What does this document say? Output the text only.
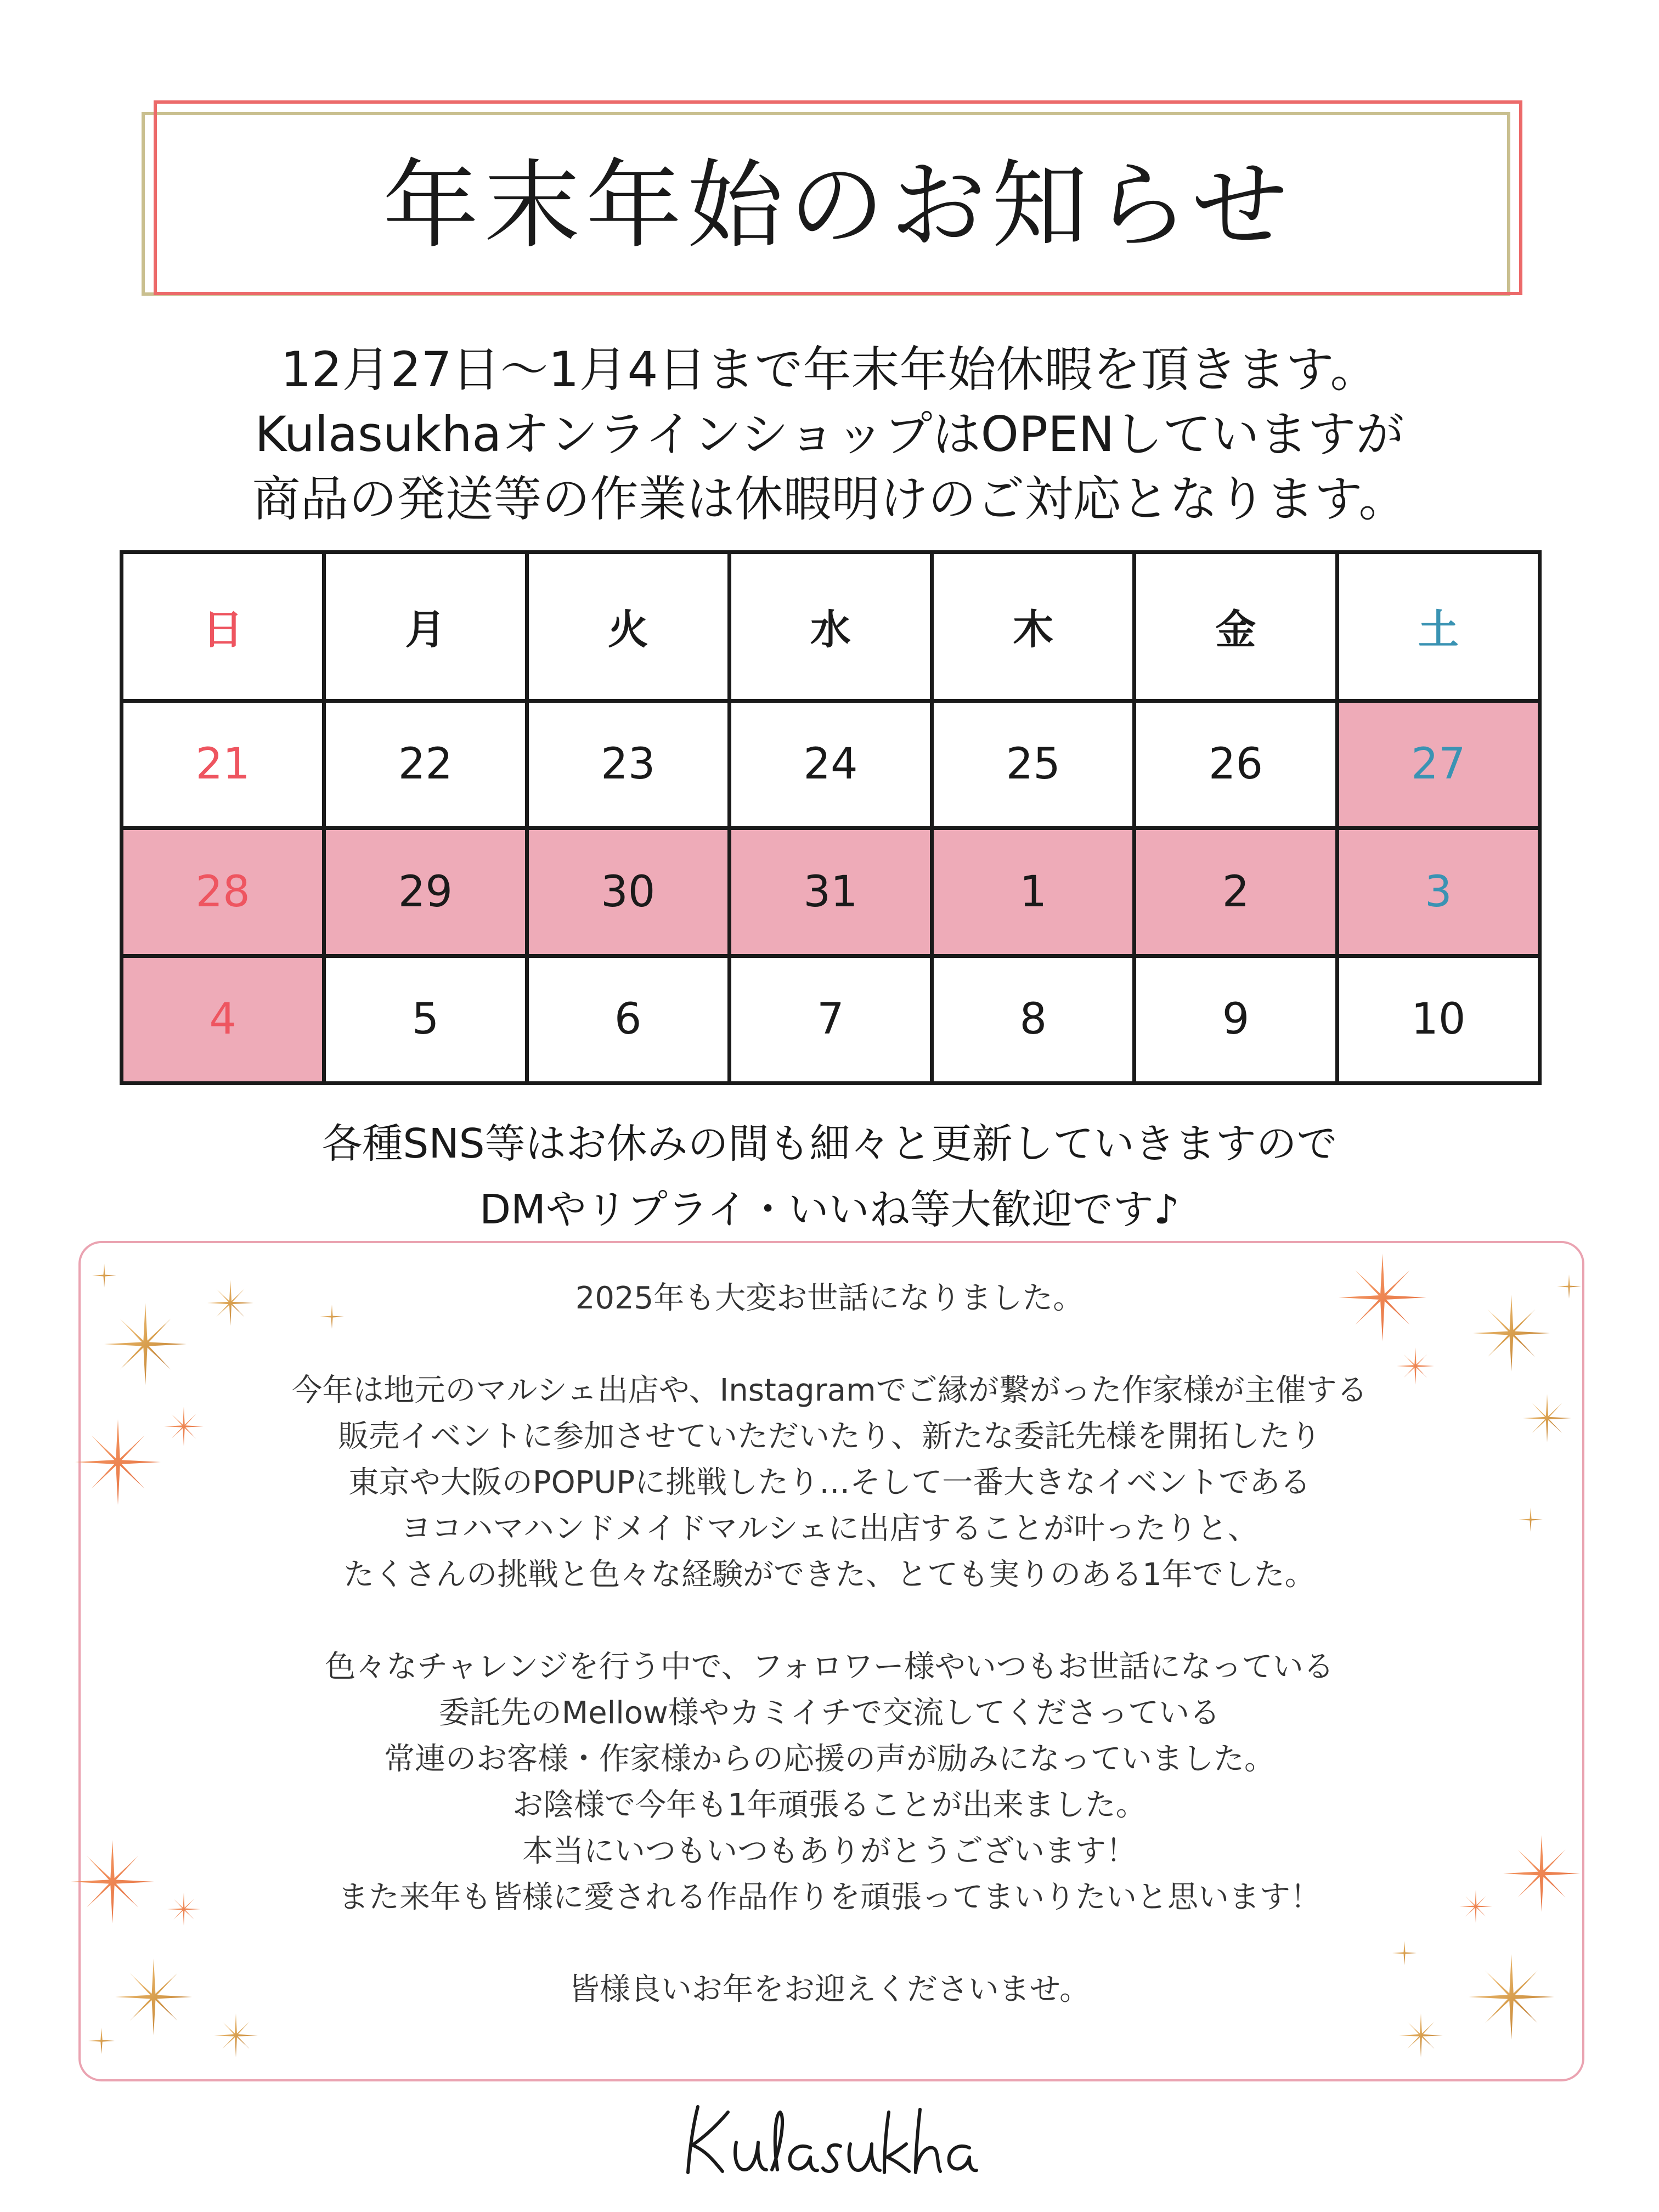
年末年始のお知らせ
12月27日〜1月4日まで年末年始休暇を頂きます。
KulasukhaオンラインショップはOPENしていますが
商品の発送等の作業は休暇明けのご対応となります。
日	月	火	水	木	金	土
21	22	23	24	25	26	27
28	29	30	31	1	2	3
4	5	6	7	8	9	10
各種SNS等はお休みの間も細々と更新していきますので
DMやリプライ・いいね等大歓迎です♪
2025年も大変お世話になりました。
今年は地元のマルシェ出店や、Instagramでご縁が繋がった作家様が主催する
販売イベントに参加させていただいたり、新たな委託先様を開拓したり
東京や大阪のPOPUPに挑戦したり…そして一番大きなイベントである
ヨコハマハンドメイドマルシェに出店することが叶ったりと、
たくさんの挑戦と色々な経験ができた、とても実りのある1年でした。
色々なチャレンジを行う中で、フォロワー様やいつもお世話になっている
委託先のMellow様やカミイチで交流してくださっている
常連のお客様・作家様からの応援の声が励みになっていました。
お陰様で今年も1年頑張ることが出来ました。
本当にいつもいつもありがとうございます！
また来年も皆様に愛される作品作りを頑張ってまいりたいと思います！
皆様良いお年をお迎えくださいませ。
